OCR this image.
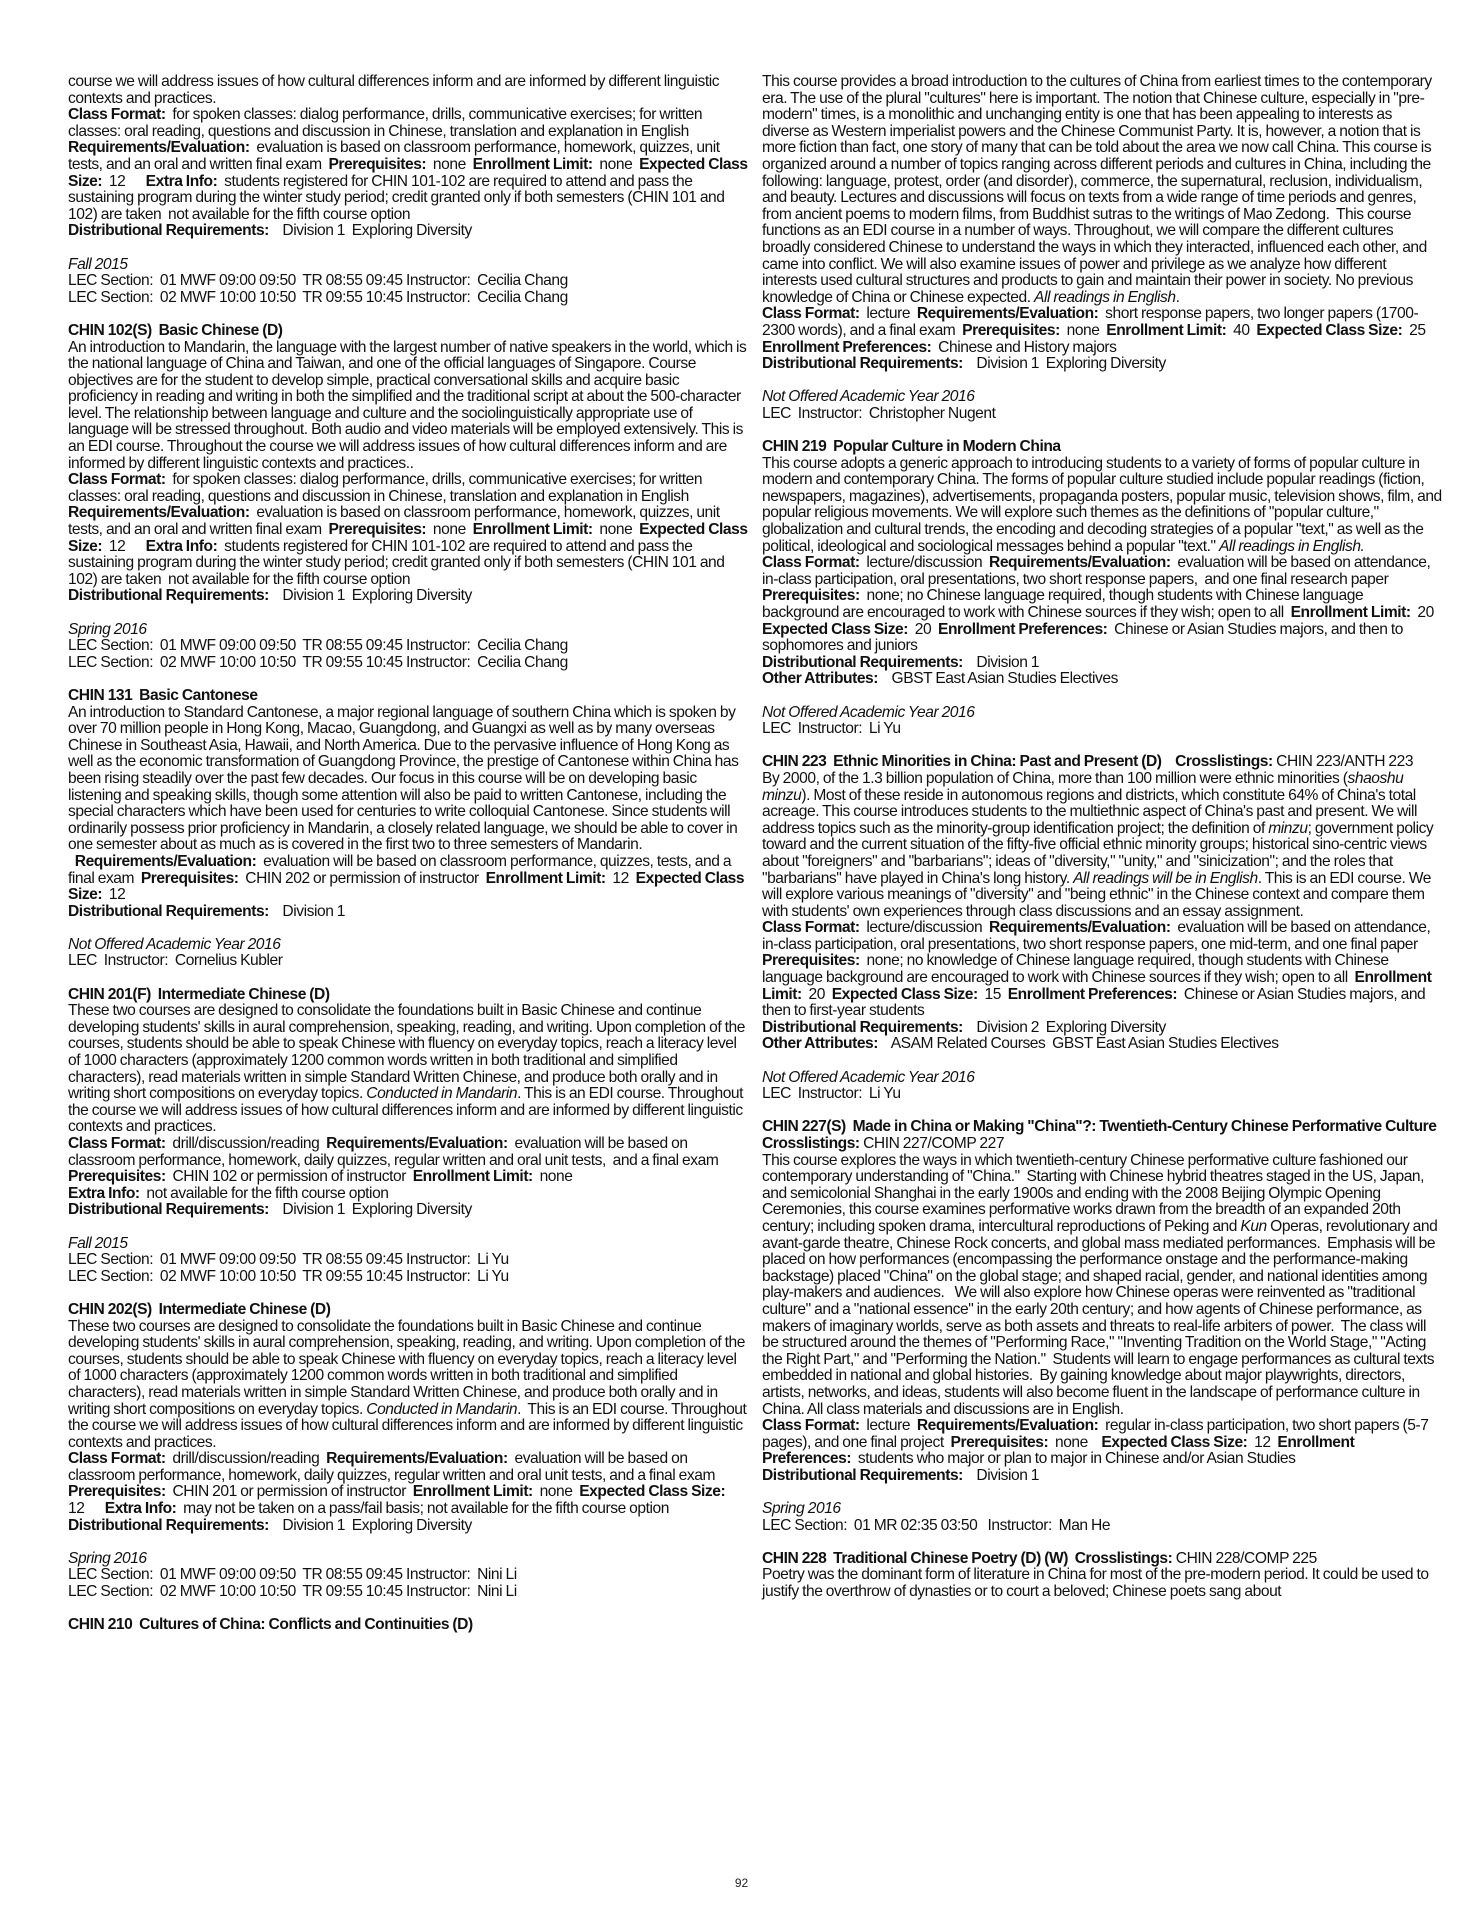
course we will address issues of how cultural differences inform and are informed by different linguistic contexts and practices.

Class Format:  for spoken classes: dialog performance, drills, communicative exercises; for written classes: oral reading, questions and discussion in Chinese, translation and explanation in English  Requirements/Evaluation:  evaluation is based on classroom performance, homework, quizzes, unit tests, and an oral and written final exam  Prerequisites:  none  Enrollment Limit:  none  Expected Class Size:  12      Extra Info:  students registered for CHIN 101-102 are required to attend and pass the sustaining program during the winter study period; credit granted only if both semesters (CHIN 101 and 102) are taken  not available for the fifth course option

Distributional Requirements:    Division 1  Exploring Diversity

Fall 2015

LEC Section:  01 MWF 09:00 09:50  TR 08:55 09:45 Instructor:  Cecilia Chang

LEC Section:  02 MWF 10:00 10:50  TR 09:55 10:45 Instructor:  Cecilia Chang

CHIN 102(S)  Basic Chinese (D)

An introduction to Mandarin, the language with the largest number of native speakers in the world, which is the national language of China and Taiwan, and one of the official languages of Singapore. Course objectives are for the student to develop simple, practical conversational skills and acquire basic proficiency in reading and writing in both the simplified and the traditional script at about the 500-character level. The relationship between language and culture and the sociolinguistically appropriate use of language will be stressed throughout. Both audio and video materials will be employed extensively. This is an EDI course. Throughout the course we will address issues of how cultural differences inform and are informed by different linguistic contexts and practices..

Class Format:  for spoken classes: dialog performance, drills, communicative exercises; for written classes: oral reading, questions and discussion in Chinese, translation and explanation in English  Requirements/Evaluation:  evaluation is based on classroom performance, homework, quizzes, unit tests, and an oral and written final exam  Prerequisites:  none  Enrollment Limit:  none  Expected Class Size:  12      Extra Info:  students registered for CHIN 101-102 are required to attend and pass the sustaining program during the winter study period; credit granted only if both semesters (CHIN 101 and 102) are taken  not available for the fifth course option

Distributional Requirements:    Division 1  Exploring Diversity

Spring 2016

LEC Section:  01 MWF 09:00 09:50  TR 08:55 09:45 Instructor:  Cecilia Chang

LEC Section:  02 MWF 10:00 10:50  TR 09:55 10:45 Instructor:  Cecilia Chang

CHIN 131  Basic Cantonese

An introduction to Standard Cantonese, a major regional language of southern China which is spoken by over 70 million people in Hong Kong, Macao, Guangdong, and Guangxi as well as by many overseas Chinese in Southeast Asia, Hawaii, and North America. Due to the pervasive influence of Hong Kong as well as the economic transformation of Guangdong Province, the prestige of Cantonese within China has been rising steadily over the past few decades. Our focus in this course will be on developing basic listening and speaking skills, though some attention will also be paid to written Cantonese, including the special characters which have been used for centuries to write colloquial Cantonese. Since students will ordinarily possess prior proficiency in Mandarin, a closely related language, we should be able to cover in one semester about as much as is covered in the first two to three semesters of Mandarin.

Requirements/Evaluation:  evaluation will be based on classroom performance, quizzes, tests, and a final exam  Prerequisites:  CHIN 202 or permission of instructor  Enrollment Limit:  12  Expected Class Size:  12

Distributional Requirements:    Division 1

Not Offered Academic Year 2016

LEC  Instructor:  Cornelius Kubler

CHIN 201(F)  Intermediate Chinese (D)

These two courses are designed to consolidate the foundations built in Basic Chinese and continue developing students' skills in aural comprehension, speaking, reading, and writing. Upon completion of the courses, students should be able to speak Chinese with fluency on everyday topics, reach a literacy level of 1000 characters (approximately 1200 common words written in both traditional and simplified characters), read materials written in simple Standard Written Chinese, and produce both orally and in writing short compositions on everyday topics. Conducted in Mandarin. This is an EDI course. Throughout the course we will address issues of how cultural differences inform and are informed by different linguistic contexts and practices.

Class Format:  drill/discussion/reading  Requirements/Evaluation:  evaluation will be based on classroom performance, homework, daily quizzes, regular written and oral unit tests,  and a final exam  Prerequisites:  CHIN 102 or permission of instructor  Enrollment Limit:  none

Extra Info:  not available for the fifth course option

Distributional Requirements:    Division 1  Exploring Diversity

Fall 2015

LEC Section:  01 MWF 09:00 09:50  TR 08:55 09:45 Instructor:  Li Yu

LEC Section:  02 MWF 10:00 10:50  TR 09:55 10:45 Instructor:  Li Yu

CHIN 202(S)  Intermediate Chinese (D)

These two courses are designed to consolidate the foundations built in Basic Chinese and continue developing students' skills in aural comprehension, speaking, reading, and writing. Upon completion of the courses, students should be able to speak Chinese with fluency on everyday topics, reach a literacy level of 1000 characters (approximately 1200 common words written in both traditional and simplified characters), read materials written in simple Standard Written Chinese, and produce both orally and in writing short compositions on everyday topics. Conducted in Mandarin.  This is an EDI course. Throughout the course we will address issues of how cultural differences inform and are informed by different linguistic contexts and practices.

Class Format:  drill/discussion/reading  Requirements/Evaluation:  evaluation will be based on classroom performance, homework, daily quizzes, regular written and oral unit tests, and a final exam  Prerequisites:  CHIN 201 or permission of instructor  Enrollment Limit:  none  Expected Class Size:  12      Extra Info:  may not be taken on a pass/fail basis; not available for the fifth course option

Distributional Requirements:    Division 1  Exploring Diversity

Spring 2016

LEC Section:  01 MWF 09:00 09:50  TR 08:55 09:45 Instructor:  Nini Li

LEC Section:  02 MWF 10:00 10:50  TR 09:55 10:45 Instructor:  Nini Li

CHIN 210  Cultures of China: Conflicts and Continuities (D)

This course provides a broad introduction to the cultures of China from earliest times to the contemporary era. The use of the plural "cultures" here is important. The notion that Chinese culture, especially in "pre-modern" times, is a monolithic and unchanging entity is one that has been appealing to interests as diverse as Western imperialist powers and the Chinese Communist Party. It is, however, a notion that is more fiction than fact, one story of many that can be told about the area we now call China. This course is organized around a number of topics ranging across different periods and cultures in China, including the following: language, protest, order (and disorder), commerce, the supernatural, reclusion, individualism, and beauty. Lectures and discussions will focus on texts from a wide range of time periods and genres, from ancient poems to modern films, from Buddhist sutras to the writings of Mao Zedong.  This course functions as an EDI course in a number of ways. Throughout, we will compare the different cultures broadly considered Chinese to understand the ways in which they interacted, influenced each other, and came into conflict. We will also examine issues of power and privilege as we analyze how different interests used cultural structures and products to gain and maintain their power in society. No previous knowledge of China or Chinese expected. All readings in English.

Class Format:  lecture  Requirements/Evaluation:  short response papers, two longer papers (1700-2300 words), and a final exam  Prerequisites:  none  Enrollment Limit:  40  Expected Class Size:  25  Enrollment Preferences:  Chinese and History majors

Distributional Requirements:    Division 1  Exploring Diversity

Not Offered Academic Year 2016

LEC  Instructor:  Christopher Nugent

CHIN 219  Popular Culture in Modern China

This course adopts a generic approach to introducing students to a variety of forms of popular culture in modern and contemporary China. The forms of popular culture studied include popular readings (fiction, newspapers, magazines), advertisements, propaganda posters, popular music, television shows, film, and popular religious movements. We will explore such themes as the definitions of "popular culture," globalization and cultural trends, the encoding and decoding strategies of a popular "text," as well as the political, ideological and sociological messages behind a popular "text." All readings in English.

Class Format:  lecture/discussion  Requirements/Evaluation:  evaluation will be based on attendance, in-class participation, oral presentations, two short response papers,  and one final research paper  Prerequisites:  none; no Chinese language required, though students with Chinese language background are encouraged to work with Chinese sources if they wish; open to all  Enrollment Limit:  20  Expected Class Size:  20  Enrollment Preferences:  Chinese or Asian Studies majors, and then to sophomores and juniors

Distributional Requirements:    Division 1

Other Attributes:    GBST East Asian Studies Electives

Not Offered Academic Year 2016

LEC  Instructor:  Li Yu

CHIN 223  Ethnic Minorities in China: Past and Present (D)    Crosslistings: CHIN 223/ANTH 223

By 2000, of the 1.3 billion population of China, more than 100 million were ethnic minorities (shaoshu minzu). Most of these reside in autonomous regions and districts, which constitute 64% of China's total acreage. This course introduces students to the multiethnic aspect of China's past and present. We will address topics such as the minority-group identification project; the definition of minzu; government policy toward and the current situation of the fifty-five official ethnic minority groups; historical sino-centric views about "foreigners" and "barbarians"; ideas of "diversity," "unity," and "sinicization"; and the roles that "barbarians" have played in China's long history. All readings will be in English. This is an EDI course. We will explore various meanings of "diversity" and "being ethnic" in the Chinese context and compare them with students' own experiences through class discussions and an essay assignment.

Class Format:  lecture/discussion  Requirements/Evaluation:  evaluation will be based on attendance, in-class participation, oral presentations, two short response papers, one mid-term, and one final paper  Prerequisites:  none; no knowledge of Chinese language required, though students with Chinese language background are encouraged to work with Chinese sources if they wish; open to all  Enrollment Limit:  20  Expected Class Size:  15  Enrollment Preferences:  Chinese or Asian Studies majors, and then to first-year students

Distributional Requirements:    Division 2  Exploring Diversity

Other Attributes:    ASAM Related Courses  GBST East Asian Studies Electives

Not Offered Academic Year 2016

LEC  Instructor:  Li Yu

CHIN 227(S)  Made in China or Making "China"?: Twentieth-Century Chinese Performative Culture    Crosslistings: CHIN 227/COMP 227

This course explores the ways in which twentieth-century Chinese performative culture fashioned our contemporary understanding of "China."  Starting with Chinese hybrid theatres staged in the US, Japan, and semicolonial Shanghai in the early 1900s and ending with the 2008 Beijing Olympic Opening Ceremonies, this course examines performative works drawn from the breadth of an expanded 20th century; including spoken drama, intercultural reproductions of Peking and Kun Operas, revolutionary and avant-garde theatre, Chinese Rock concerts, and global mass mediated performances.  Emphasis will be placed on how performances (encompassing the performance onstage and the performance-making backstage) placed "China" on the global stage; and shaped racial, gender, and national identities among play-makers and audiences.   We will also explore how Chinese operas were reinvented as "traditional culture" and a "national essence" in the early 20th century; and how agents of Chinese performance, as makers of imaginary worlds, serve as both assets and threats to real-life arbiters of power.  The class will be structured around the themes of "Performing Race," "Inventing Tradition on the World Stage," "Acting the Right Part," and "Performing the Nation."  Students will learn to engage performances as cultural texts embedded in national and global histories.  By gaining knowledge about major playwrights, directors, artists, networks, and ideas, students will also become fluent in the landscape of performance culture in China. All class materials and discussions are in English.

Class Format:  lecture  Requirements/Evaluation:  regular in-class participation, two short papers (5-7 pages), and one final project  Prerequisites:  none    Expected Class Size:  12  Enrollment Preferences:  students who major or plan to major in Chinese and/or Asian Studies

Distributional Requirements:    Division 1

Spring 2016

LEC Section:  01 MR 02:35 03:50   Instructor:  Man He

CHIN 228  Traditional Chinese Poetry (D) (W)  Crosslistings: CHIN 228/COMP 225

Poetry was the dominant form of literature in China for most of the pre-modern period. It could be used to justify the overthrow of dynasties or to court a beloved; Chinese poets sang about

92
